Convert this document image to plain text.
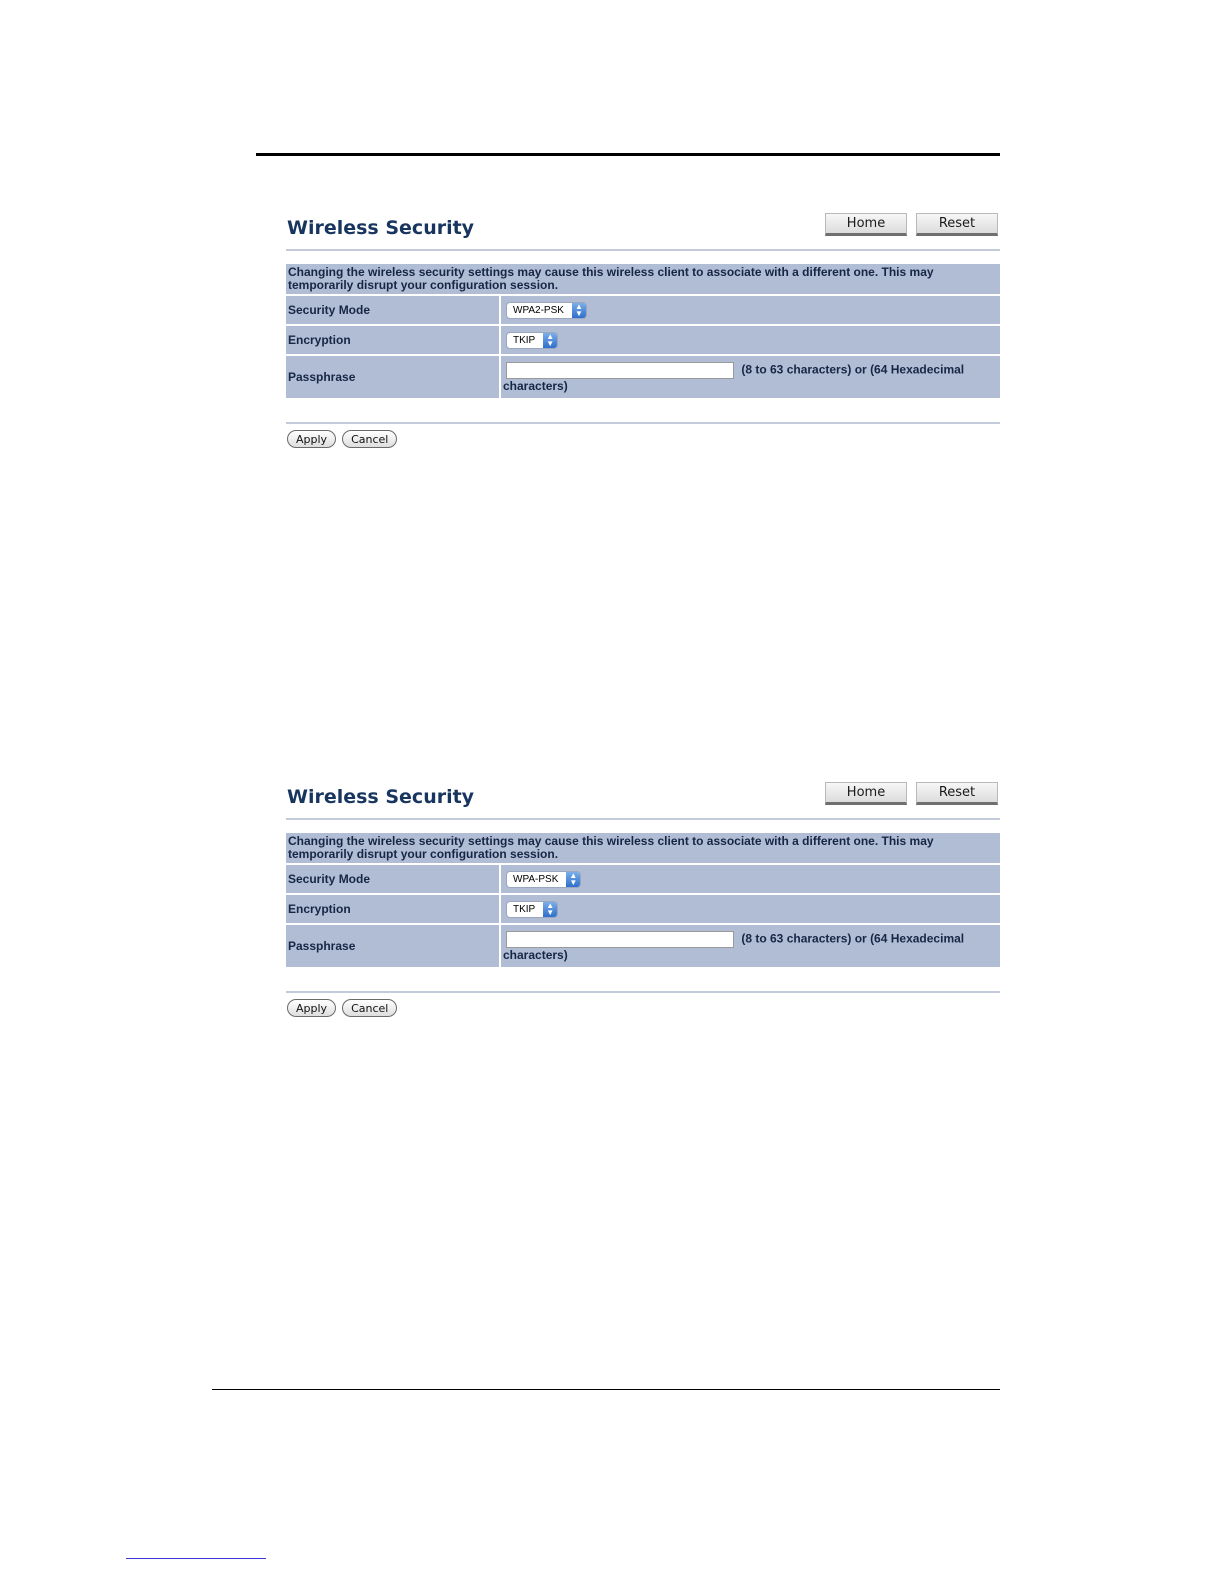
Wireless Security	Home	Reset
Changing the wireless security settings may cause this wireless client to associate with a different one. This may temporarily disrupt your configuration session.	
Security Mode	WPA2-PSK ▲
▼

Encryption	TKIP ▲
▼

Passphrase	(8 to 63 characters) or (64 Hexadecimal characters)
Apply	Cancel
Wireless Security	Home	Reset
Changing the wireless security settings may cause this wireless client to associate with a different one. This may temporarily disrupt your configuration session.	
Security Mode	WPA-PSK ▲
▼

Encryption	TKIP ▲
▼

Passphrase	(8 to 63 characters) or (64 Hexadecimal characters)
Apply	Cancel
